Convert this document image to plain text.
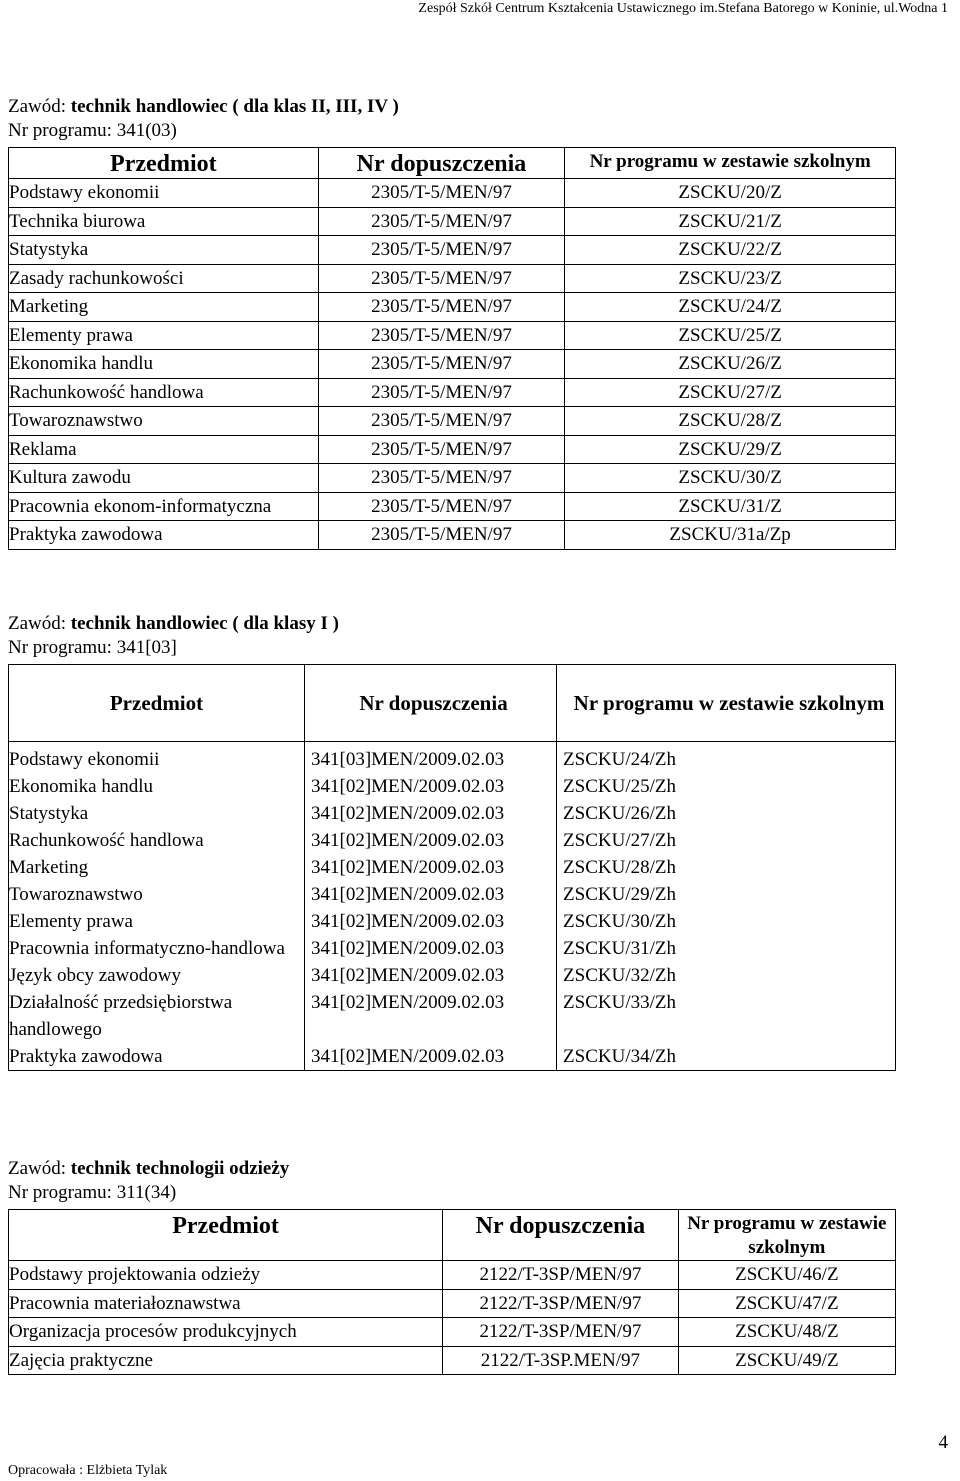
Zespół Szkół Centrum Kształcenia Ustawicznego im.Stefana Batorego w Koninie, ul.Wodna 1
Zawód: technik handlowiec ( dla klas II, III, IV )
Nr programu: 341(03)
Przedmiot	Nr dopuszczenia	Nr programu w zestawie szkolnym
Podstawy ekonomii	2305/T-5/MEN/97	ZSCKU/20/Z
Technika biurowa	2305/T-5/MEN/97	ZSCKU/21/Z
Statystyka	2305/T-5/MEN/97	ZSCKU/22/Z
Zasady rachunkowości	2305/T-5/MEN/97	ZSCKU/23/Z
Marketing	2305/T-5/MEN/97	ZSCKU/24/Z
Elementy prawa	2305/T-5/MEN/97	ZSCKU/25/Z
Ekonomika handlu	2305/T-5/MEN/97	ZSCKU/26/Z
Rachunkowość handlowa	2305/T-5/MEN/97	ZSCKU/27/Z
Towaroznawstwo	2305/T-5/MEN/97	ZSCKU/28/Z
Reklama	2305/T-5/MEN/97	ZSCKU/29/Z
Kultura zawodu	2305/T-5/MEN/97	ZSCKU/30/Z
Pracownia ekonom-informatyczna	2305/T-5/MEN/97	ZSCKU/31/Z
Praktyka zawodowa	2305/T-5/MEN/97	ZSCKU/31a/Zp
Zawód: technik handlowiec ( dla klasy I )
Nr programu: 341[03]
Przedmiot	Nr dopuszczenia	Nr programu w zestawie szkolnym

Podstawy ekonomii	341[03]MEN/2009.02.03	ZSCKU/24/Zh
Ekonomika handlu	341[02]MEN/2009.02.03	ZSCKU/25/Zh
Statystyka	341[02]MEN/2009.02.03	ZSCKU/26/Zh
Rachunkowość handlowa	341[02]MEN/2009.02.03	ZSCKU/27/Zh
Marketing	341[02]MEN/2009.02.03	ZSCKU/28/Zh
Towaroznawstwo	341[02]MEN/2009.02.03	ZSCKU/29/Zh
Elementy prawa	341[02]MEN/2009.02.03	ZSCKU/30/Zh
Pracownia informatyczno-handlowa	341[02]MEN/2009.02.03	ZSCKU/31/Zh
Język obcy zawodowy	341[02]MEN/2009.02.03	ZSCKU/32/Zh
Działalność przedsiębiorstwa handlowego	341[02]MEN/2009.02.03	ZSCKU/33/Zh
Praktyka zawodowa	341[02]MEN/2009.02.03	ZSCKU/34/Zh
Zawód: technik technologii odzieży
Nr programu: 311(34)
Przedmiot	Nr dopuszczenia	Nr programu w zestawie szkolnym
Podstawy projektowania odzieży	2122/T-3SP/MEN/97	ZSCKU/46/Z
Pracownia materiałoznawstwa	2122/T-3SP/MEN/97	ZSCKU/47/Z
Organizacja procesów produkcyjnych	2122/T-3SP/MEN/97	ZSCKU/48/Z
Zajęcia praktyczne	2122/T-3SP.MEN/97	ZSCKU/49/Z
4
Opracowała : Elżbieta Tylak
